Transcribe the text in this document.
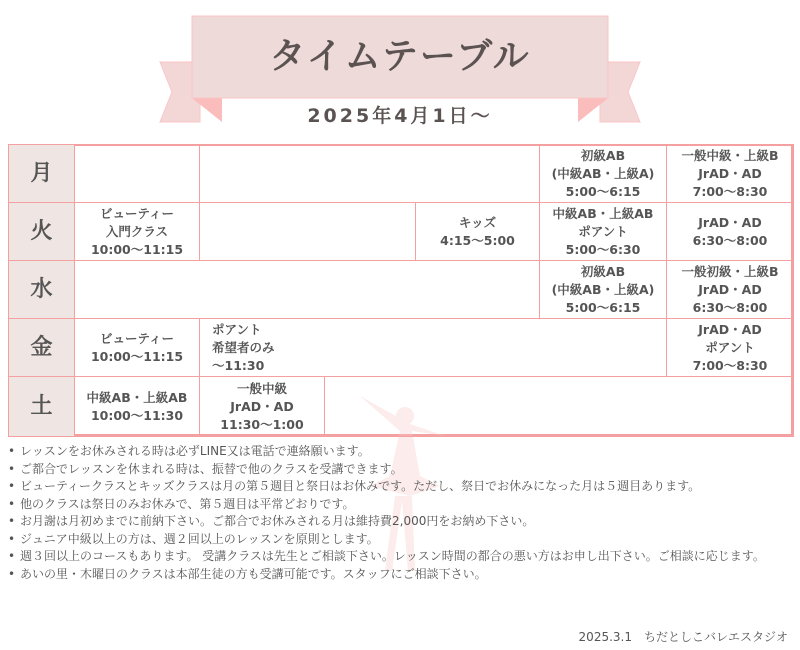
タイムテーブル
2025年4月1日～
月
火
水
金
土
初級AB
(中級AB・上級A)
5:00～6:15
一般中級・上級B
JrAD・AD
7:00～8:30
ビューティー
入門クラス
10:00～11:15
キッズ
4:15～5:00
中級AB・上級AB
ポアント
5:00～6:30
JrAD・AD
6:30～8:00
初級AB
(中級AB・上級A)
5:00～6:15
一般初級・上級B
JrAD・AD
6:30～8:00
ビューティー
10:00～11:15
ポアント
希望者のみ
～11:30
JrAD・AD
ポアント
7:00～8:30
中級AB・上級AB
10:00～11:30
一般中級
JrAD・AD
11:30～1:00
• レッスンをお休みされる時は必ずLINE又は電話で連絡願います。
• ご都合でレッスンを休まれる時は、振替で他のクラスを受講できます。
• ビューティークラスとキッズクラスは月の第５週目と祭日はお休みです。ただし、祭日でお休みになった月は５週目あります。
• 他のクラスは祭日のみお休みで、第５週目は平常どおりです。
• お月謝は月初めまでに前納下さい。ご都合でお休みされる月は維持費2,000円をお納め下さい。
• ジュニア中級以上の方は、週２回以上のレッスンを原則とします。
• 週３回以上のコースもあります。 受講クラスは先生とご相談下さい。レッスン時間の都合の悪い方はお申し出下さい。ご相談に応じます。
• あいの里・木曜日のクラスは本部生徒の方も受講可能です。スタッフにご相談下さい。
2025.3.1　ちだとしこバレエスタジオ
